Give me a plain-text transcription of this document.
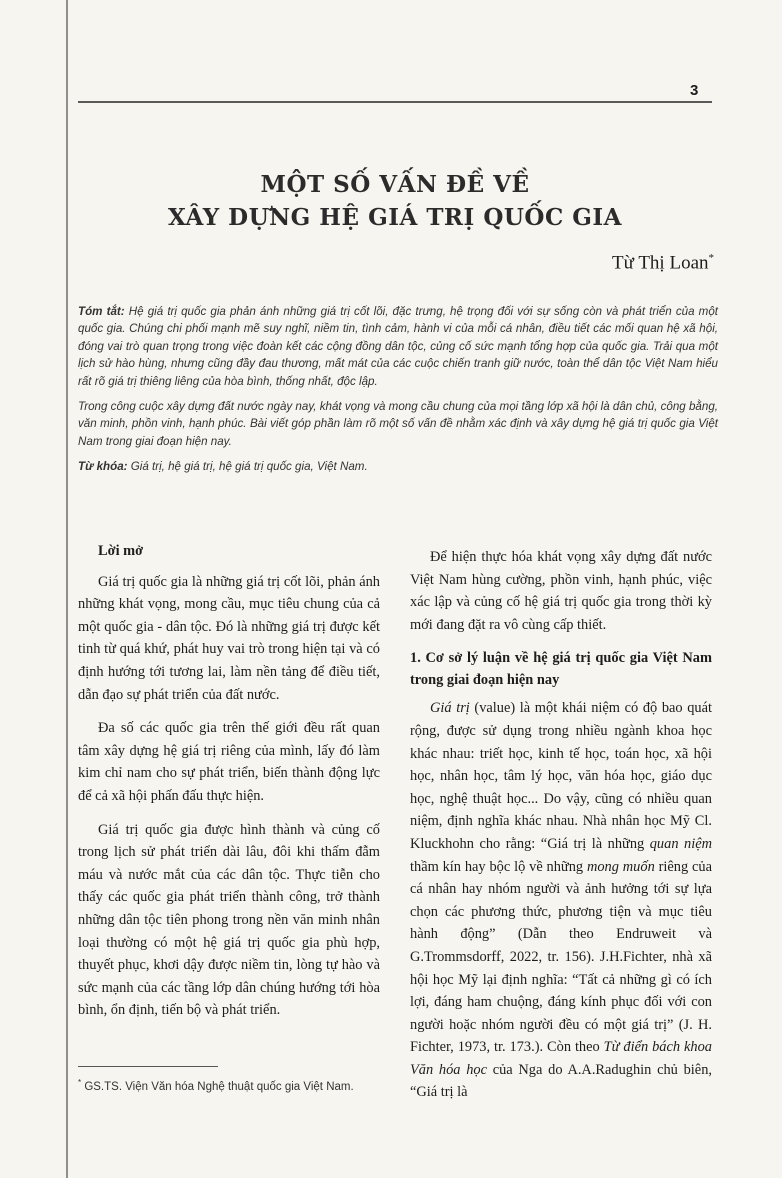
3
MỘT SỐ VẤN ĐỀ VỀ
XÂY DỰNG HỆ GIÁ TRỊ QUỐC GIA
Từ Thị Loan*

Tóm tắt: Hệ giá trị quốc gia phản ánh những giá trị cốt lõi, đặc trưng, hệ trọng đối với sự sống còn và phát triển của một quốc gia. Chúng chi phối mạnh mẽ suy nghĩ, niềm tin, tình cảm, hành vi của mỗi cá nhân, điều tiết các mối quan hệ xã hội, đóng vai trò quan trọng trong việc đoàn kết các cộng đồng dân tộc, củng cố sức mạnh tổng hợp của quốc gia. Trải qua một lịch sử hào hùng, nhưng cũng đầy đau thương, mất mát của các cuộc chiến tranh giữ nước, toàn thể dân tộc Việt Nam hiểu rất rõ giá trị thiêng liêng của hòa bình, thống nhất, độc lập.

Trong công cuộc xây dựng đất nước ngày nay, khát vọng và mong cầu chung của mọi tầng lớp xã hội là dân chủ, công bằng, văn minh, phồn vinh, hạnh phúc. Bài viết góp phần làm rõ một số vấn đề nhằm xác định và xây dựng hệ giá trị quốc gia Việt Nam trong giai đoạn hiện nay.

Từ khóa: Giá trị, hệ giá trị, hệ giá trị quốc gia, Việt Nam.

Lời mở

Giá trị quốc gia là những giá trị cốt lõi, phản ánh những khát vọng, mong cầu, mục tiêu chung của cả một quốc gia - dân tộc. Đó là những giá trị được kết tinh từ quá khứ, phát huy vai trò trong hiện tại và có định hướng tới tương lai, làm nền tảng để điều tiết, dẫn đạo sự phát triển của đất nước.

Đa số các quốc gia trên thế giới đều rất quan tâm xây dựng hệ giá trị riêng của mình, lấy đó làm kim chỉ nam cho sự phát triển, biến thành động lực để cả xã hội phấn đấu thực hiện.

Giá trị quốc gia được hình thành và củng cố trong lịch sử phát triển dài lâu, đôi khi thấm đẫm máu và nước mắt của các dân tộc. Thực tiễn cho thấy các quốc gia phát triển thành công, trở thành những dân tộc tiên phong trong nền văn minh nhân loại thường có một hệ giá trị quốc gia phù hợp, thuyết phục, khơi dậy được niềm tin, lòng tự hào và sức mạnh của các tầng lớp dân chúng hướng tới hòa bình, ổn định, tiến bộ và phát triển.

Để hiện thực hóa khát vọng xây dựng đất nước Việt Nam hùng cường, phồn vinh, hạnh phúc, việc xác lập và củng cố hệ giá trị quốc gia trong thời kỳ mới đang đặt ra vô cùng cấp thiết.

1. Cơ sở lý luận về hệ giá trị quốc gia Việt Nam trong giai đoạn hiện nay

Giá trị (value) là một khái niệm có độ bao quát rộng, được sử dụng trong nhiều ngành khoa học khác nhau: triết học, kinh tế học, toán học, xã hội học, nhân học, tâm lý học, văn hóa học, giáo dục học, nghệ thuật học... Do vậy, cũng có nhiều quan niệm, định nghĩa khác nhau. Nhà nhân học Mỹ Cl. Kluckhohn cho rằng: “Giá trị là những quan niệm thầm kín hay bộc lộ về những mong muốn riêng của cá nhân hay nhóm người và ảnh hưởng tới sự lựa chọn các phương thức, phương tiện và mục tiêu hành động” (Dẫn theo Endruweit và G.Trommsdorff, 2022, tr. 156). J.H.Fichter, nhà xã hội học Mỹ lại định nghĩa: “Tất cả những gì có ích lợi, đáng ham chuộng, đáng kính phục đối với con người hoặc nhóm người đều có một giá trị” (J. H. Fichter, 1973, tr. 173.). Còn theo Từ điển bách khoa Văn hóa học của Nga do A.A.Radughin chủ biên, “Giá trị là

* GS.TS. Viện Văn hóa Nghệ thuật quốc gia Việt Nam.
